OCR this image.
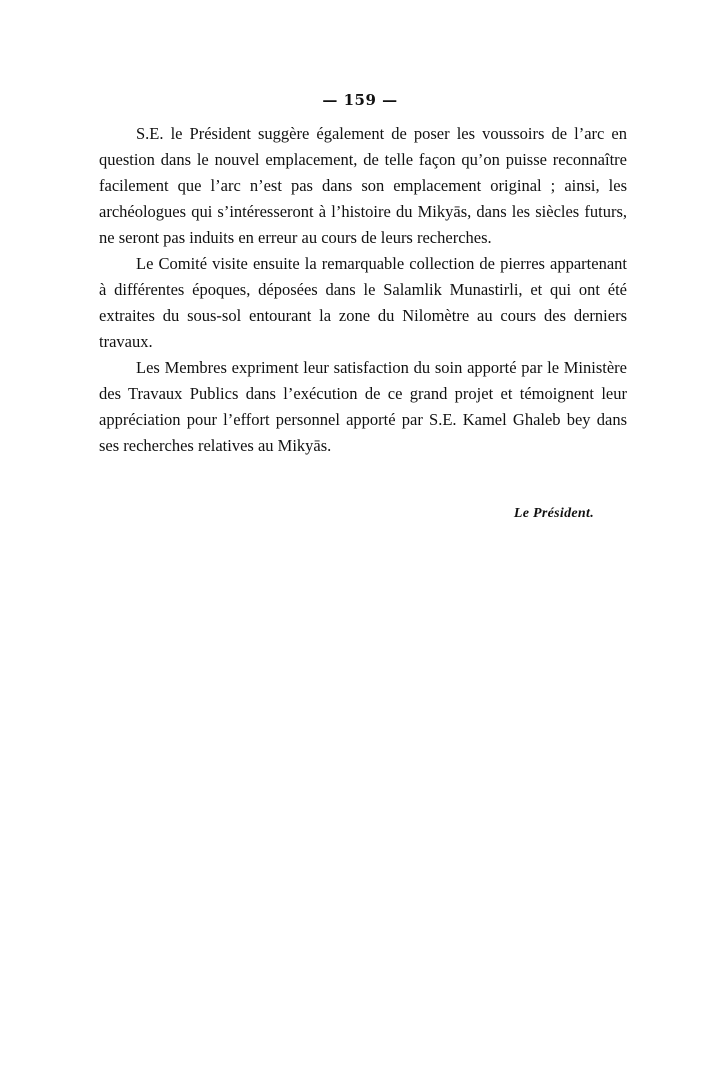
— 159 —

S.E. le Président suggère également de poser les voussoirs de l’arc en question dans le nouvel emplacement, de telle façon qu’on puisse reconnaître facilement que l’arc n’est pas dans son emplacement original ; ainsi, les archéologues qui s’intéresseront à l’histoire du Mikyās, dans les siècles futurs, ne seront pas induits en erreur au cours de leurs recherches.

Le Comité visite ensuite la remarquable collection de pierres appartenant à différentes époques, déposées dans le Salamlik Munastirli, et qui ont été extraites du sous-sol entourant la zone du Nilomètre au cours des derniers travaux.

Les Membres expriment leur satisfaction du soin apporté par le Ministère des Travaux Publics dans l’exécution de ce grand projet et témoignent leur appréciation pour l’effort personnel apporté par S.E. Kamel Ghaleb bey dans ses recherches relatives au Mikyās.

Le Président.
